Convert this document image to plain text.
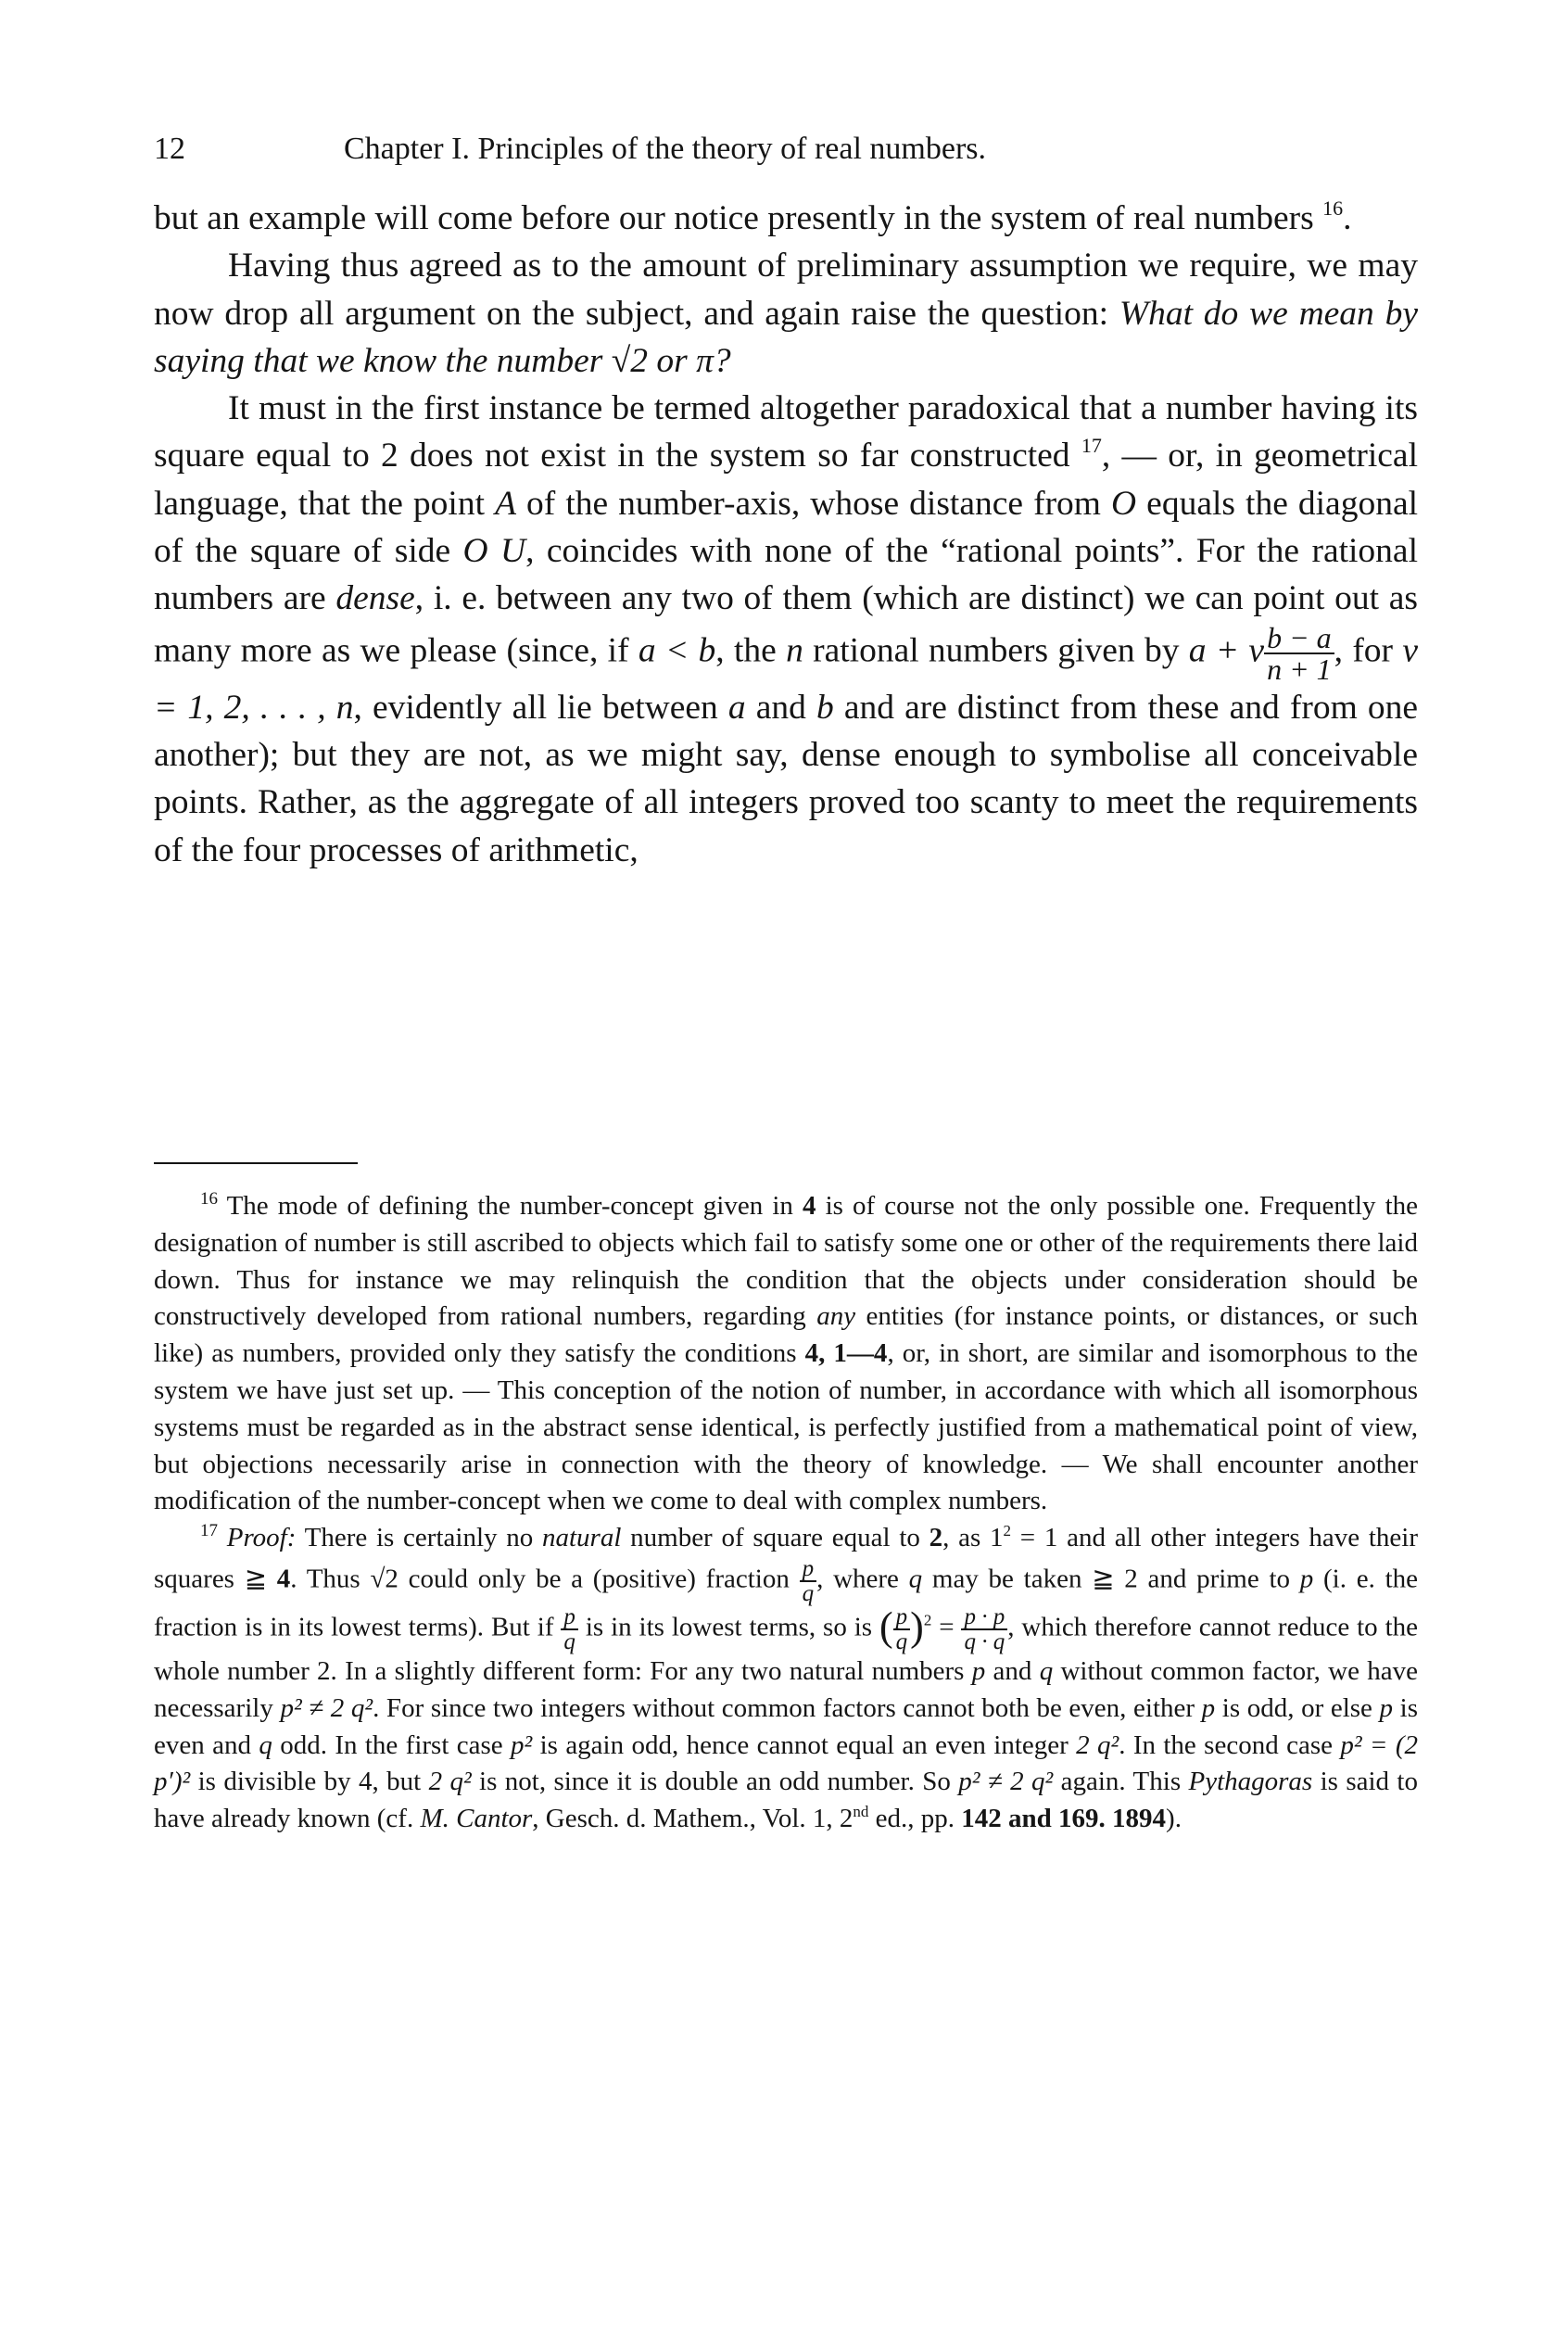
12	Chapter I. Principles of the theory of real numbers.

but an example will come before our notice presently in the system of real numbers $^{16}$.

Having thus agreed as to the amount of preliminary assumption we require, we may now drop all argument on the subject, and again raise the question: What do we mean by saying that we know the number √2 or π?

It must in the first instance be termed altogether paradoxical that a number having its square equal to 2 does not exist in the system so far constructed $^{17}$, — or, in geometrical language, that the point A of the number-axis, whose distance from O equals the diagonal of the square of side O U, coincides with none of the “rational points”. For the rational numbers are dense, i. e. between any two of them (which are distinct) we can point out as many more as we please (since, if a < b, the n rational numbers given by a + ν $\frac{b - a}{n + 1}$ , for ν = 1, 2, . . . , n, evidently all lie between a and b and are distinct from these and from one another); but they are not, as we might say, dense enough to symbolise all conceivable points. Rather, as the aggregate of all integers proved too scanty to meet the requirements of the four processes of arithmetic,

$^{16}$ The mode of defining the number-concept given in 4 is of course not the only possible one. Frequently the designation of number is still ascribed to objects which fail to satisfy some one or other of the requirements there laid down. Thus for instance we may relinquish the condition that the objects under consideration should be constructively developed from rational numbers, regarding any entities (for instance points, or distances, or such like) as numbers, provided only they satisfy the conditions 4, 1—4, or, in short, are similar and isomorphous to the system we have just set up. — This conception of the notion of number, in accordance with which all isomorphous systems must be regarded as in the abstract sense identical, is perfectly justified from a mathematical point of view, but objections necessarily arise in connection with the theory of knowledge. — We shall encounter another modification of the number-concept when we come to deal with complex numbers.

$^{17}$ Proof: There is certainly no natural number of square equal to 2, as $1^2 = 1$ and all other integers have their squares ≧ 4. Thus √2 could only be a (positive) fraction $\frac{p}{q}$ , where q may be taken ≧ 2 and prime to p (i. e. the fraction is in its lowest terms). But if $\frac{p}{q}$ is in its lowest terms, so is ( $\frac{p}{q} )^2 = \frac{p \cdot p}{q \cdot q}$ , which therefore cannot reduce to the whole number 2. In a slightly different form: For any two natural numbers p and q without common factor, we have necessarily p² ≠ 2 q². For since two integers without common factors cannot both be even, either p is odd, or else p is even and q odd. In the first case p² is again odd, hence cannot equal an even integer 2 q². In the second case p² = (2 p′)² is divisible by 4, but 2 q² is not, since it is double an odd number. So p² ≠ 2 q² again. This Pythagoras is said to have already known (cf. M. Cantor, Gesch. d. Mathem., Vol. 1, 2nd ed., pp. 142 and 169. 1894).
